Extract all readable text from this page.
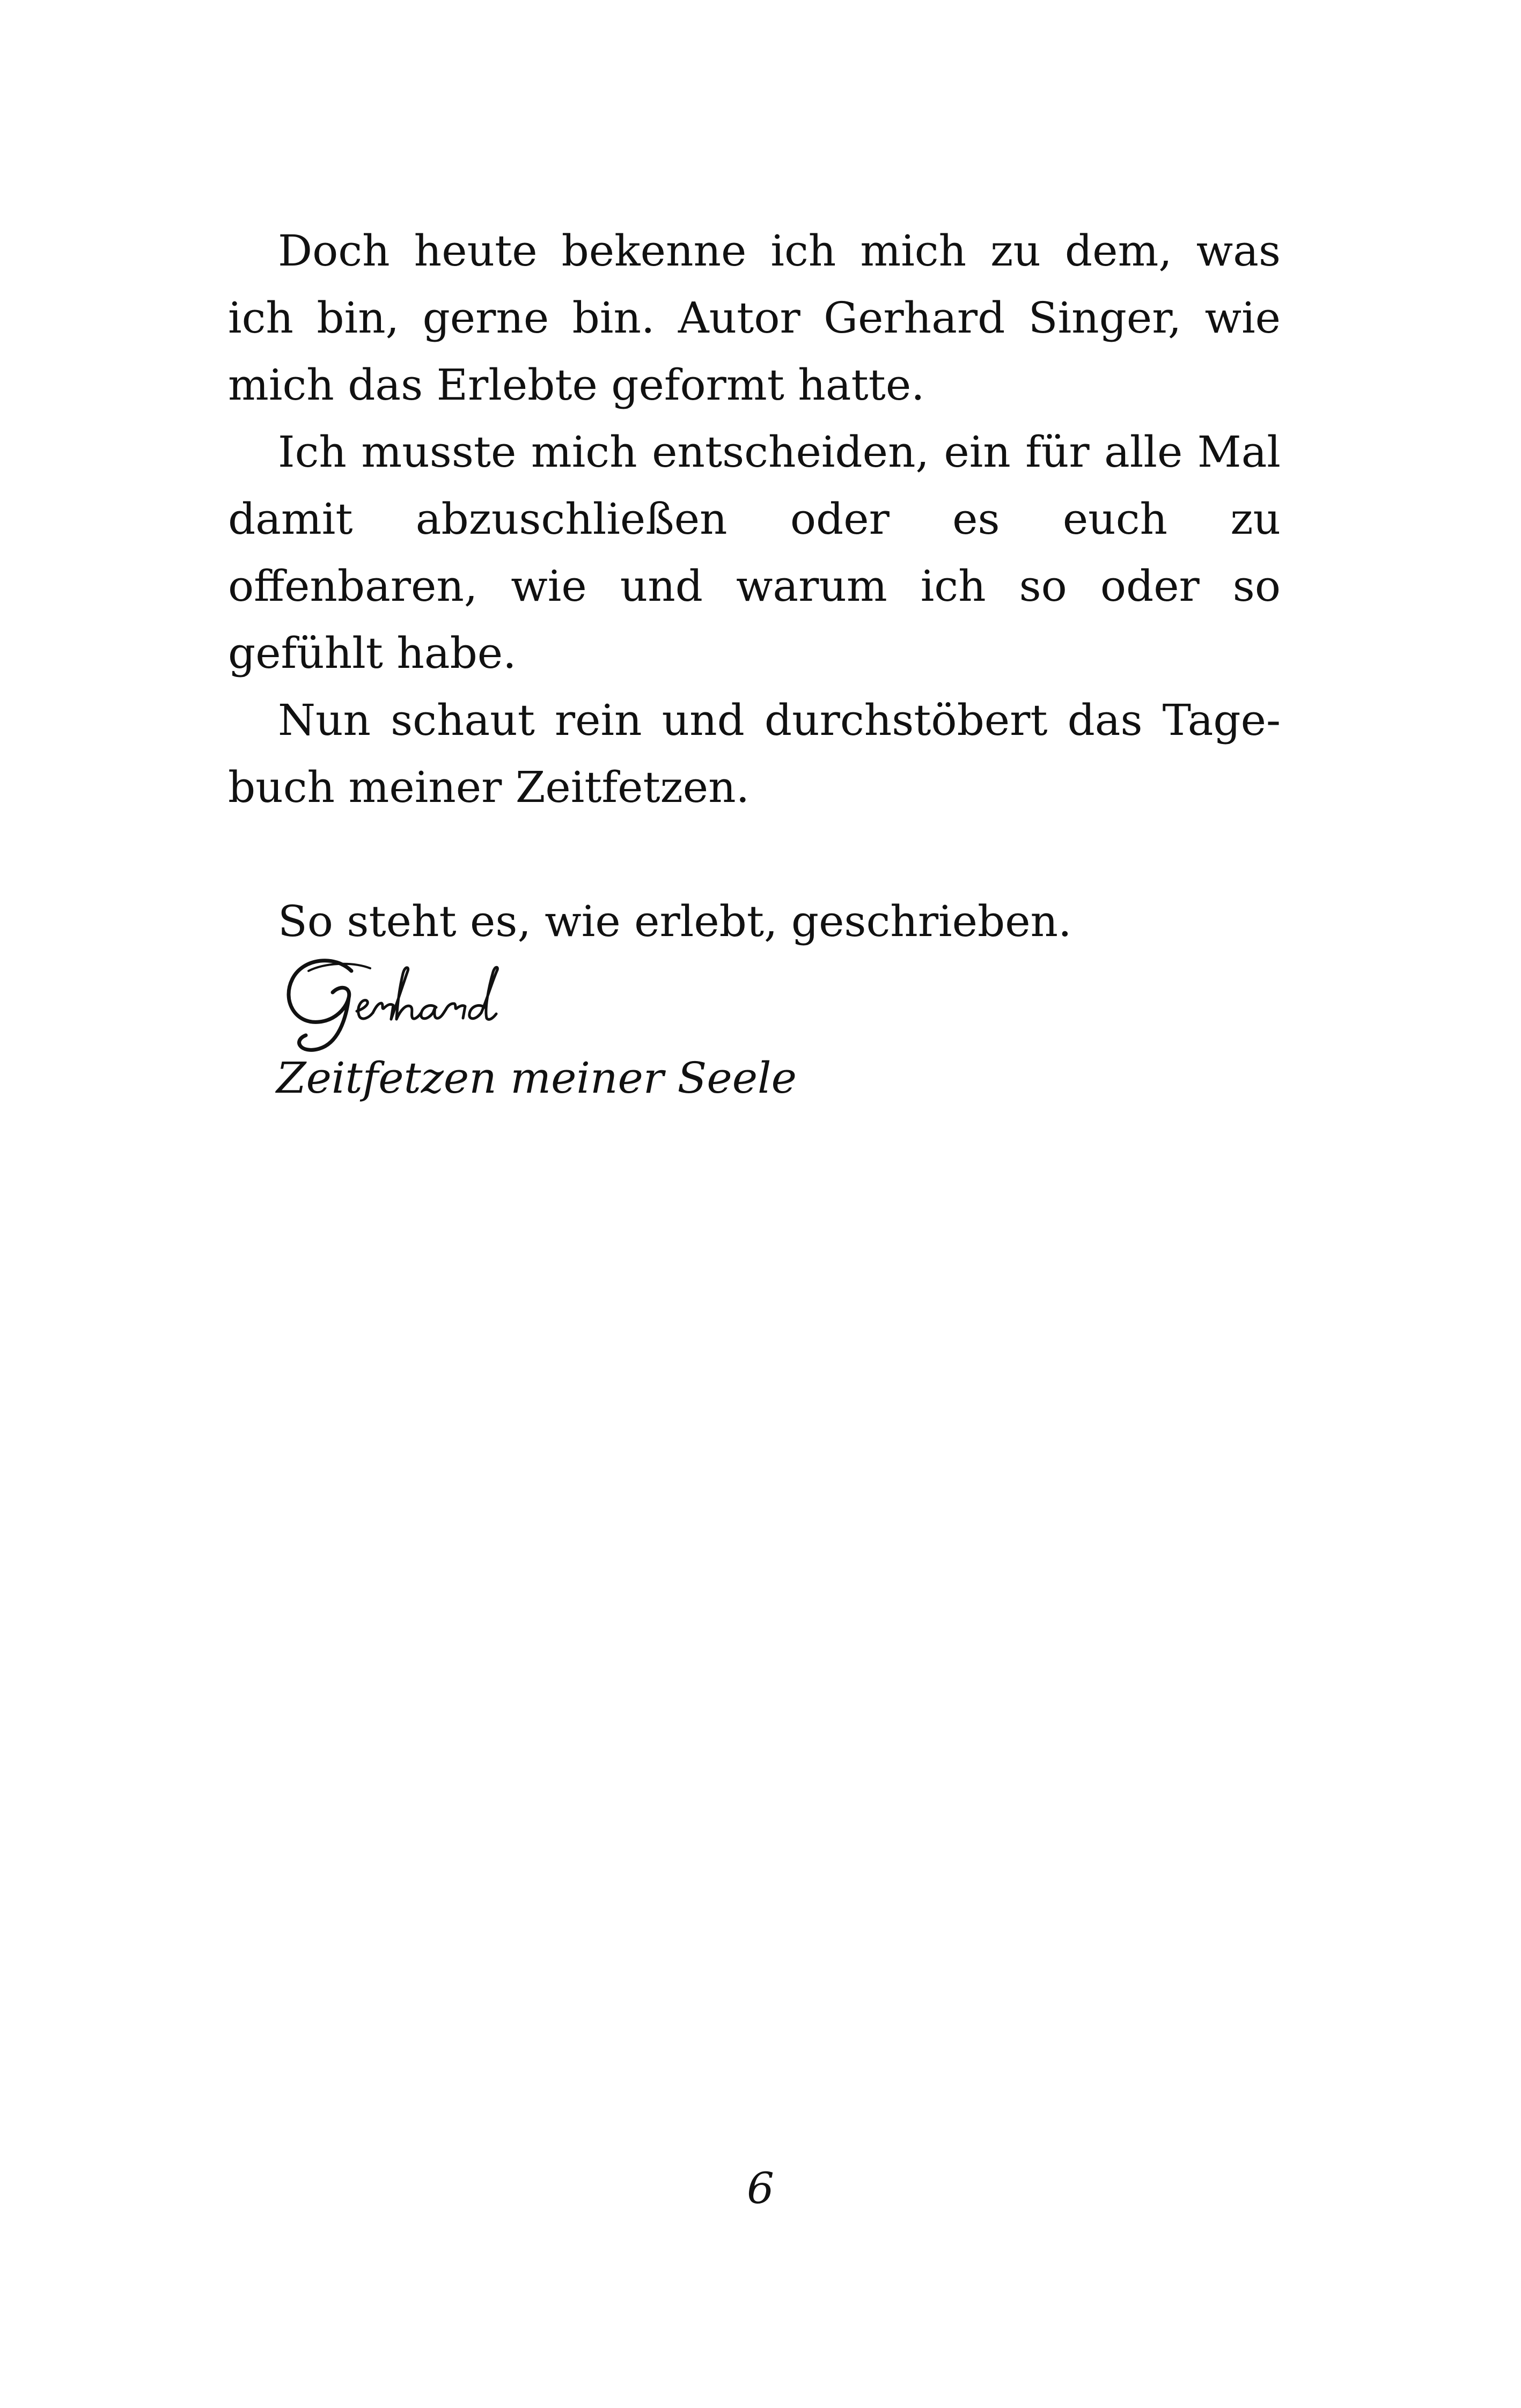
Doch heute bekenne ich mich zu dem, was ich bin, gerne bin. Autor Gerhard Singer, wie mich das Erlebte geformt hatte.

Ich musste mich entscheiden, ein für alle Mal damit abzuschließen oder es euch zu offenbaren, wie und warum ich so oder so gefühlt habe.

Nun schaut rein und durchstöbert das Tagebuch meiner Zeitfetzen.

So steht es, wie erlebt, geschrieben.

Zeitfetzen meiner Seele
6
